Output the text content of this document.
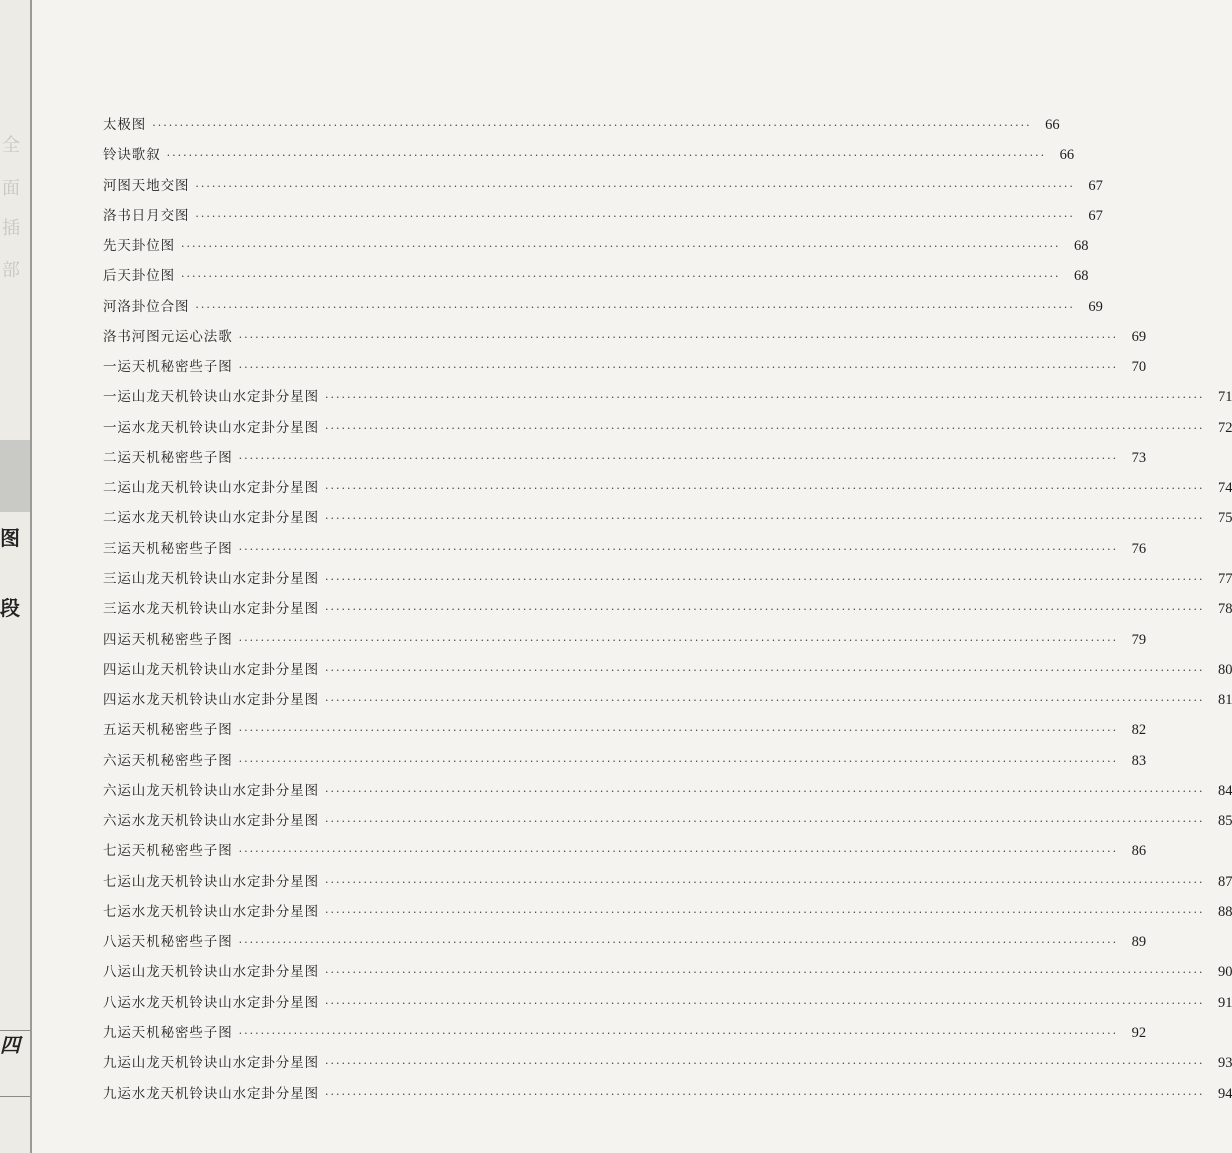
全
面
插
部
图
段
四
太极图 ································································································································································ 66
铃诀歌叙 ································································································································································ 66
河图天地交图 ································································································································································ 67
洛书日月交图 ································································································································································ 67
先天卦位图 ································································································································································ 68
后天卦位图 ································································································································································ 68
河洛卦位合图 ································································································································································ 69
洛书河图元运心法歌 ································································································································································ 69
一运天机秘密些子图 ································································································································································ 70
一运山龙天机铃诀山水定卦分星图 ································································································································································ 71
一运水龙天机铃诀山水定卦分星图 ································································································································································ 72
二运天机秘密些子图 ································································································································································ 73
二运山龙天机铃诀山水定卦分星图 ································································································································································ 74
二运水龙天机铃诀山水定卦分星图 ································································································································································ 75
三运天机秘密些子图 ································································································································································ 76
三运山龙天机铃诀山水定卦分星图 ································································································································································ 77
三运水龙天机铃诀山水定卦分星图 ································································································································································ 78
四运天机秘密些子图 ································································································································································ 79
四运山龙天机铃诀山水定卦分星图 ································································································································································ 80
四运水龙天机铃诀山水定卦分星图 ································································································································································ 81
五运天机秘密些子图 ································································································································································ 82
六运天机秘密些子图 ································································································································································ 83
六运山龙天机铃诀山水定卦分星图 ································································································································································ 84
六运水龙天机铃诀山水定卦分星图 ································································································································································ 85
七运天机秘密些子图 ································································································································································ 86
七运山龙天机铃诀山水定卦分星图 ································································································································································ 87
七运水龙天机铃诀山水定卦分星图 ································································································································································ 88
八运天机秘密些子图 ································································································································································ 89
八运山龙天机铃诀山水定卦分星图 ································································································································································ 90
八运水龙天机铃诀山水定卦分星图 ································································································································································ 91
九运天机秘密些子图 ································································································································································ 92
九运山龙天机铃诀山水定卦分星图 ································································································································································ 93
九运水龙天机铃诀山水定卦分星图 ································································································································································ 94
